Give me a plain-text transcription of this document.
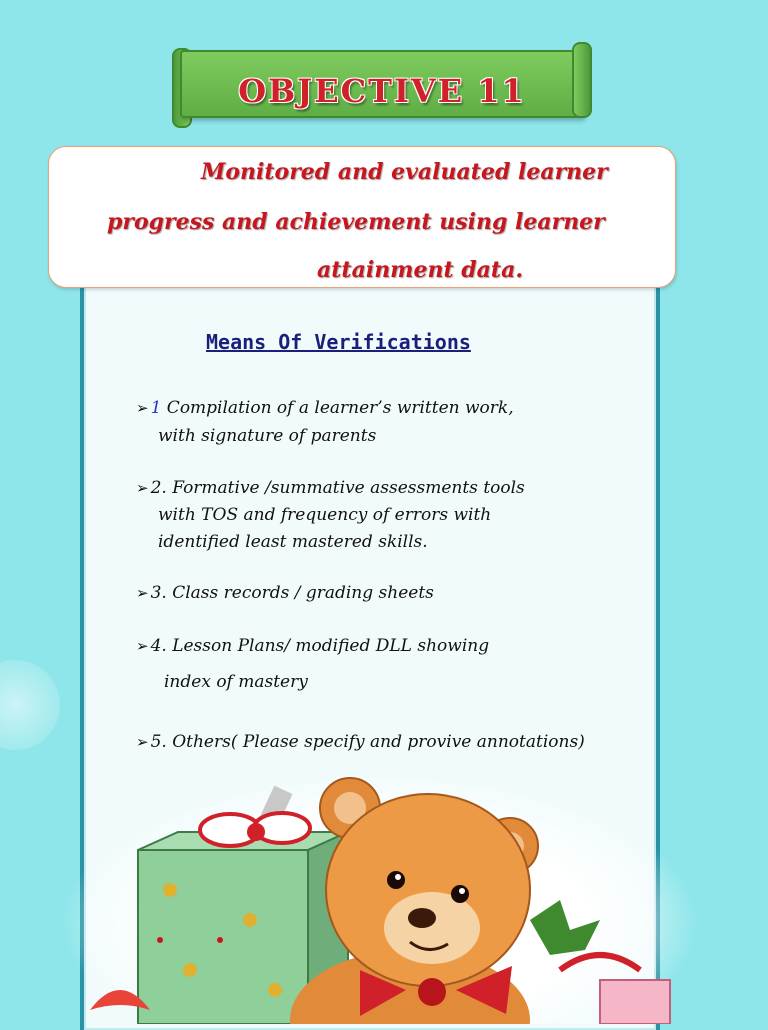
OBJECTIVE 11

Monitored and evaluated learner

progress and achievement using learner

attainment data.

Means Of Verifications

➢ 1 Compilation of a learner’s written work,

with signature of parents

➢ 2. Formative /summative assessments tools

with TOS and frequency of errors with

identified least mastered skills.

➢ 3. Class records / grading sheets

➢ 4. Lesson Plans/ modified DLL showing

index of mastery

➢ 5. Others( Please specify and provive annotations)
